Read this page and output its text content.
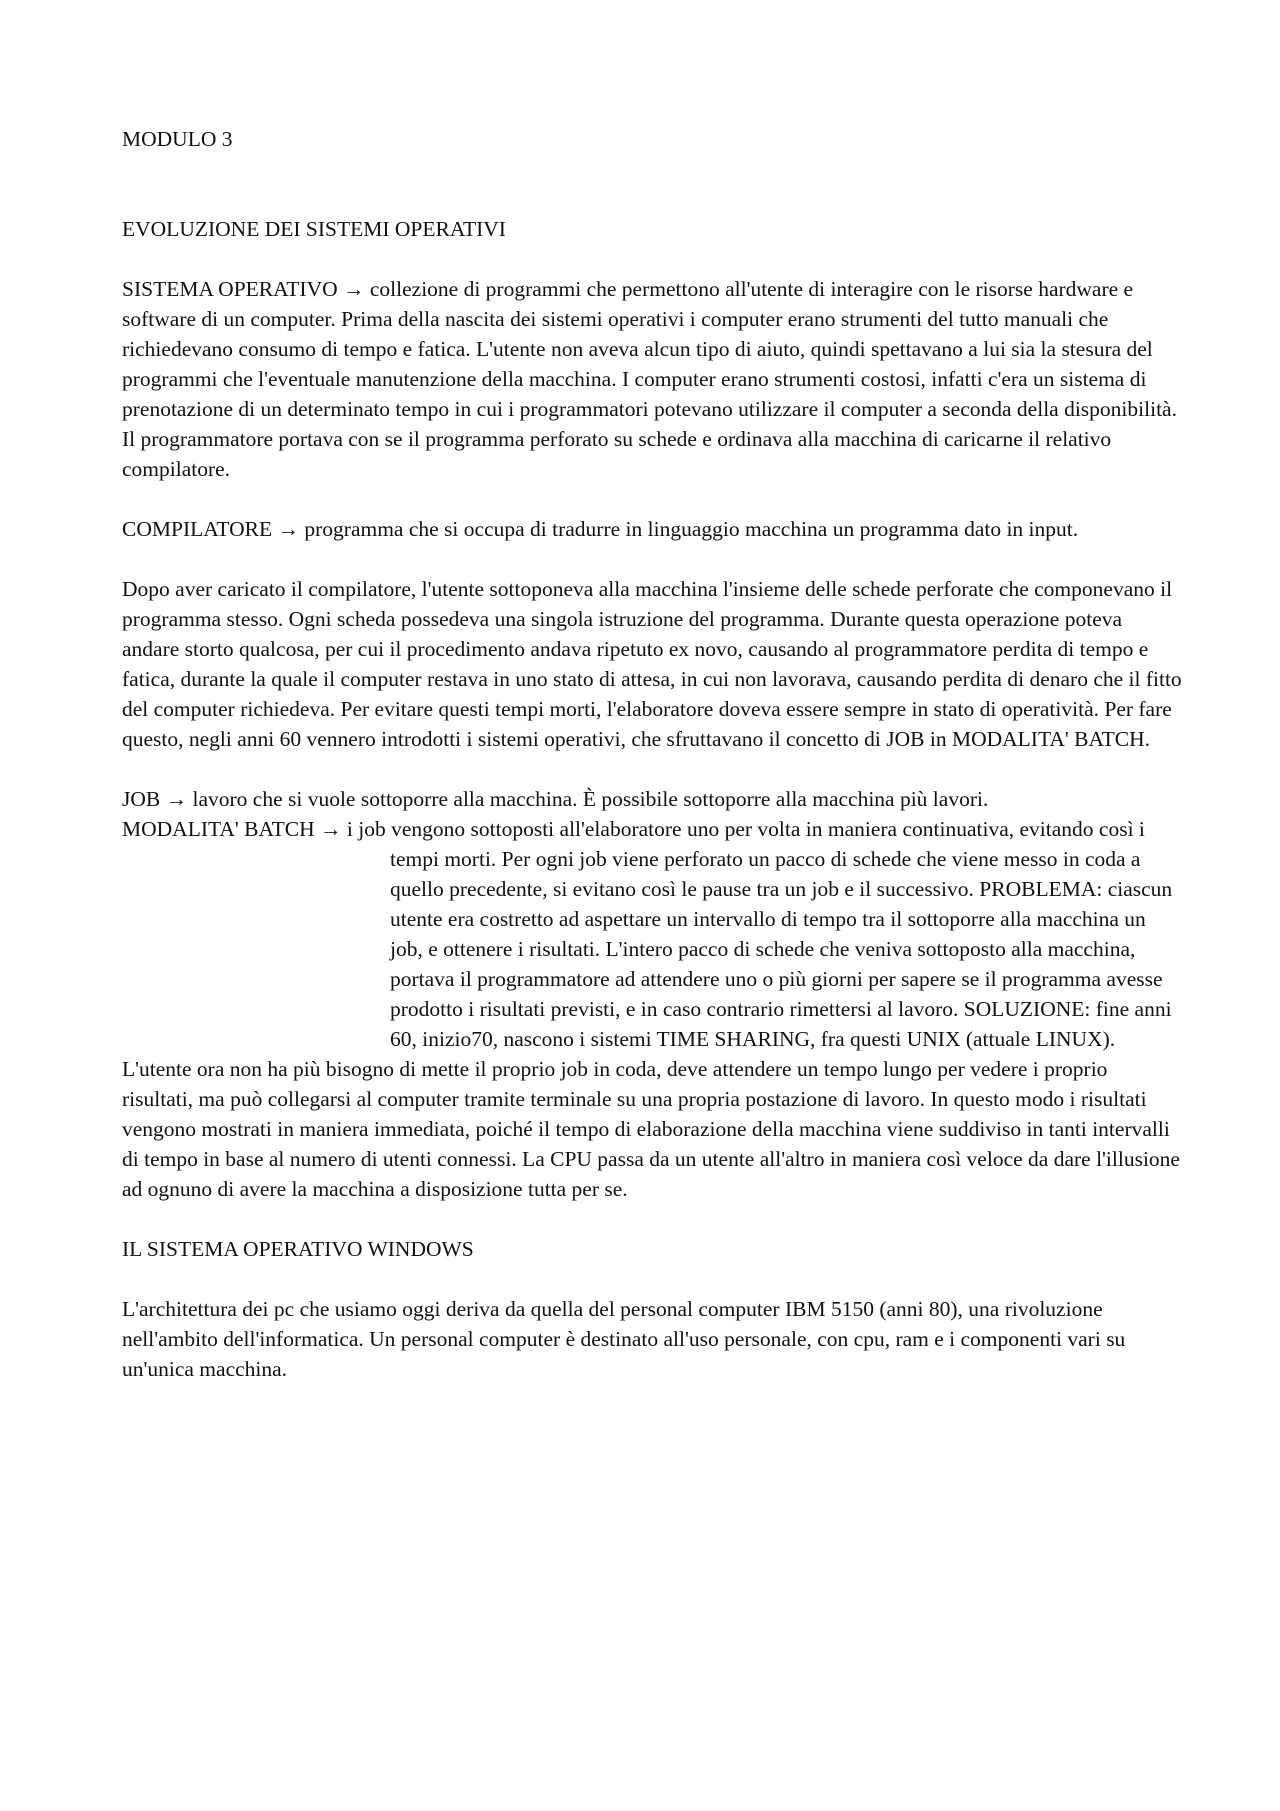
MODULO 3

EVOLUZIONE DEI SISTEMI OPERATIVI

SISTEMA OPERATIVO → collezione di programmi che permettono all'utente di interagire con le risorse hardware e software di un computer. Prima della nascita dei sistemi operativi i computer erano strumenti del tutto manuali che richiedevano consumo di tempo e fatica. L'utente non aveva alcun tipo di aiuto, quindi spettavano a lui sia la stesura del programmi che l'eventuale manutenzione della macchina. I computer erano strumenti costosi, infatti c'era un sistema di prenotazione di un determinato tempo in cui i programmatori potevano utilizzare il computer a seconda della disponibilità. Il programmatore portava con se il programma perforato su schede e ordinava alla macchina di caricarne il relativo compilatore.

COMPILATORE → programma che si occupa di tradurre in linguaggio macchina un programma dato in input.

Dopo aver caricato il compilatore, l'utente sottoponeva alla macchina l'insieme delle schede perforate che componevano il programma stesso. Ogni scheda possedeva una singola istruzione del programma. Durante questa operazione poteva andare storto qualcosa, per cui il procedimento andava ripetuto ex novo, causando al programmatore perdita di tempo e fatica, durante la quale il computer restava in uno stato di attesa, in cui non lavorava, causando perdita di denaro che il fitto del computer richiedeva. Per evitare questi tempi morti, l'elaboratore doveva essere sempre in stato di operatività. Per fare questo, negli anni 60 vennero introdotti i sistemi operativi, che sfruttavano il concetto di JOB in MODALITA' BATCH.

JOB → lavoro che si vuole sottoporre alla macchina. È possibile sottoporre alla macchina più lavori.

MODALITA' BATCH → i job vengono sottoposti all'elaboratore uno per volta in maniera continuativa, evitando così i tempi morti. Per ogni job viene perforato un pacco di schede che viene messo in coda a quello precedente, si evitano così le pause tra un job e il successivo. PROBLEMA: ciascun utente era costretto ad aspettare un intervallo di tempo tra il sottoporre alla macchina un job, e ottenere i risultati. L'intero pacco di schede che veniva sottoposto alla macchina, portava il programmatore ad attendere uno o più giorni per sapere se il programma avesse prodotto i risultati previsti, e in caso contrario rimettersi al lavoro. SOLUZIONE: fine anni 60, inizio70, nascono i sistemi TIME SHARING, fra questi UNIX (attuale LINUX).

L'utente ora non ha più bisogno di mette il proprio job in coda, deve attendere un tempo lungo per vedere i proprio risultati, ma può collegarsi al computer tramite terminale su una propria postazione di lavoro. In questo modo i risultati vengono mostrati in maniera immediata, poiché il tempo di elaborazione della macchina viene suddiviso in tanti intervalli di tempo in base al numero di utenti connessi. La CPU passa da un utente all'altro in maniera così veloce da dare l'illusione ad ognuno di avere la macchina a disposizione tutta per se.

IL SISTEMA OPERATIVO WINDOWS

L'architettura dei pc che usiamo oggi deriva da quella del personal computer IBM 5150 (anni 80), una rivoluzione nell'ambito dell'informatica. Un personal computer è destinato all'uso personale, con cpu, ram e i componenti vari su un'unica macchina.
